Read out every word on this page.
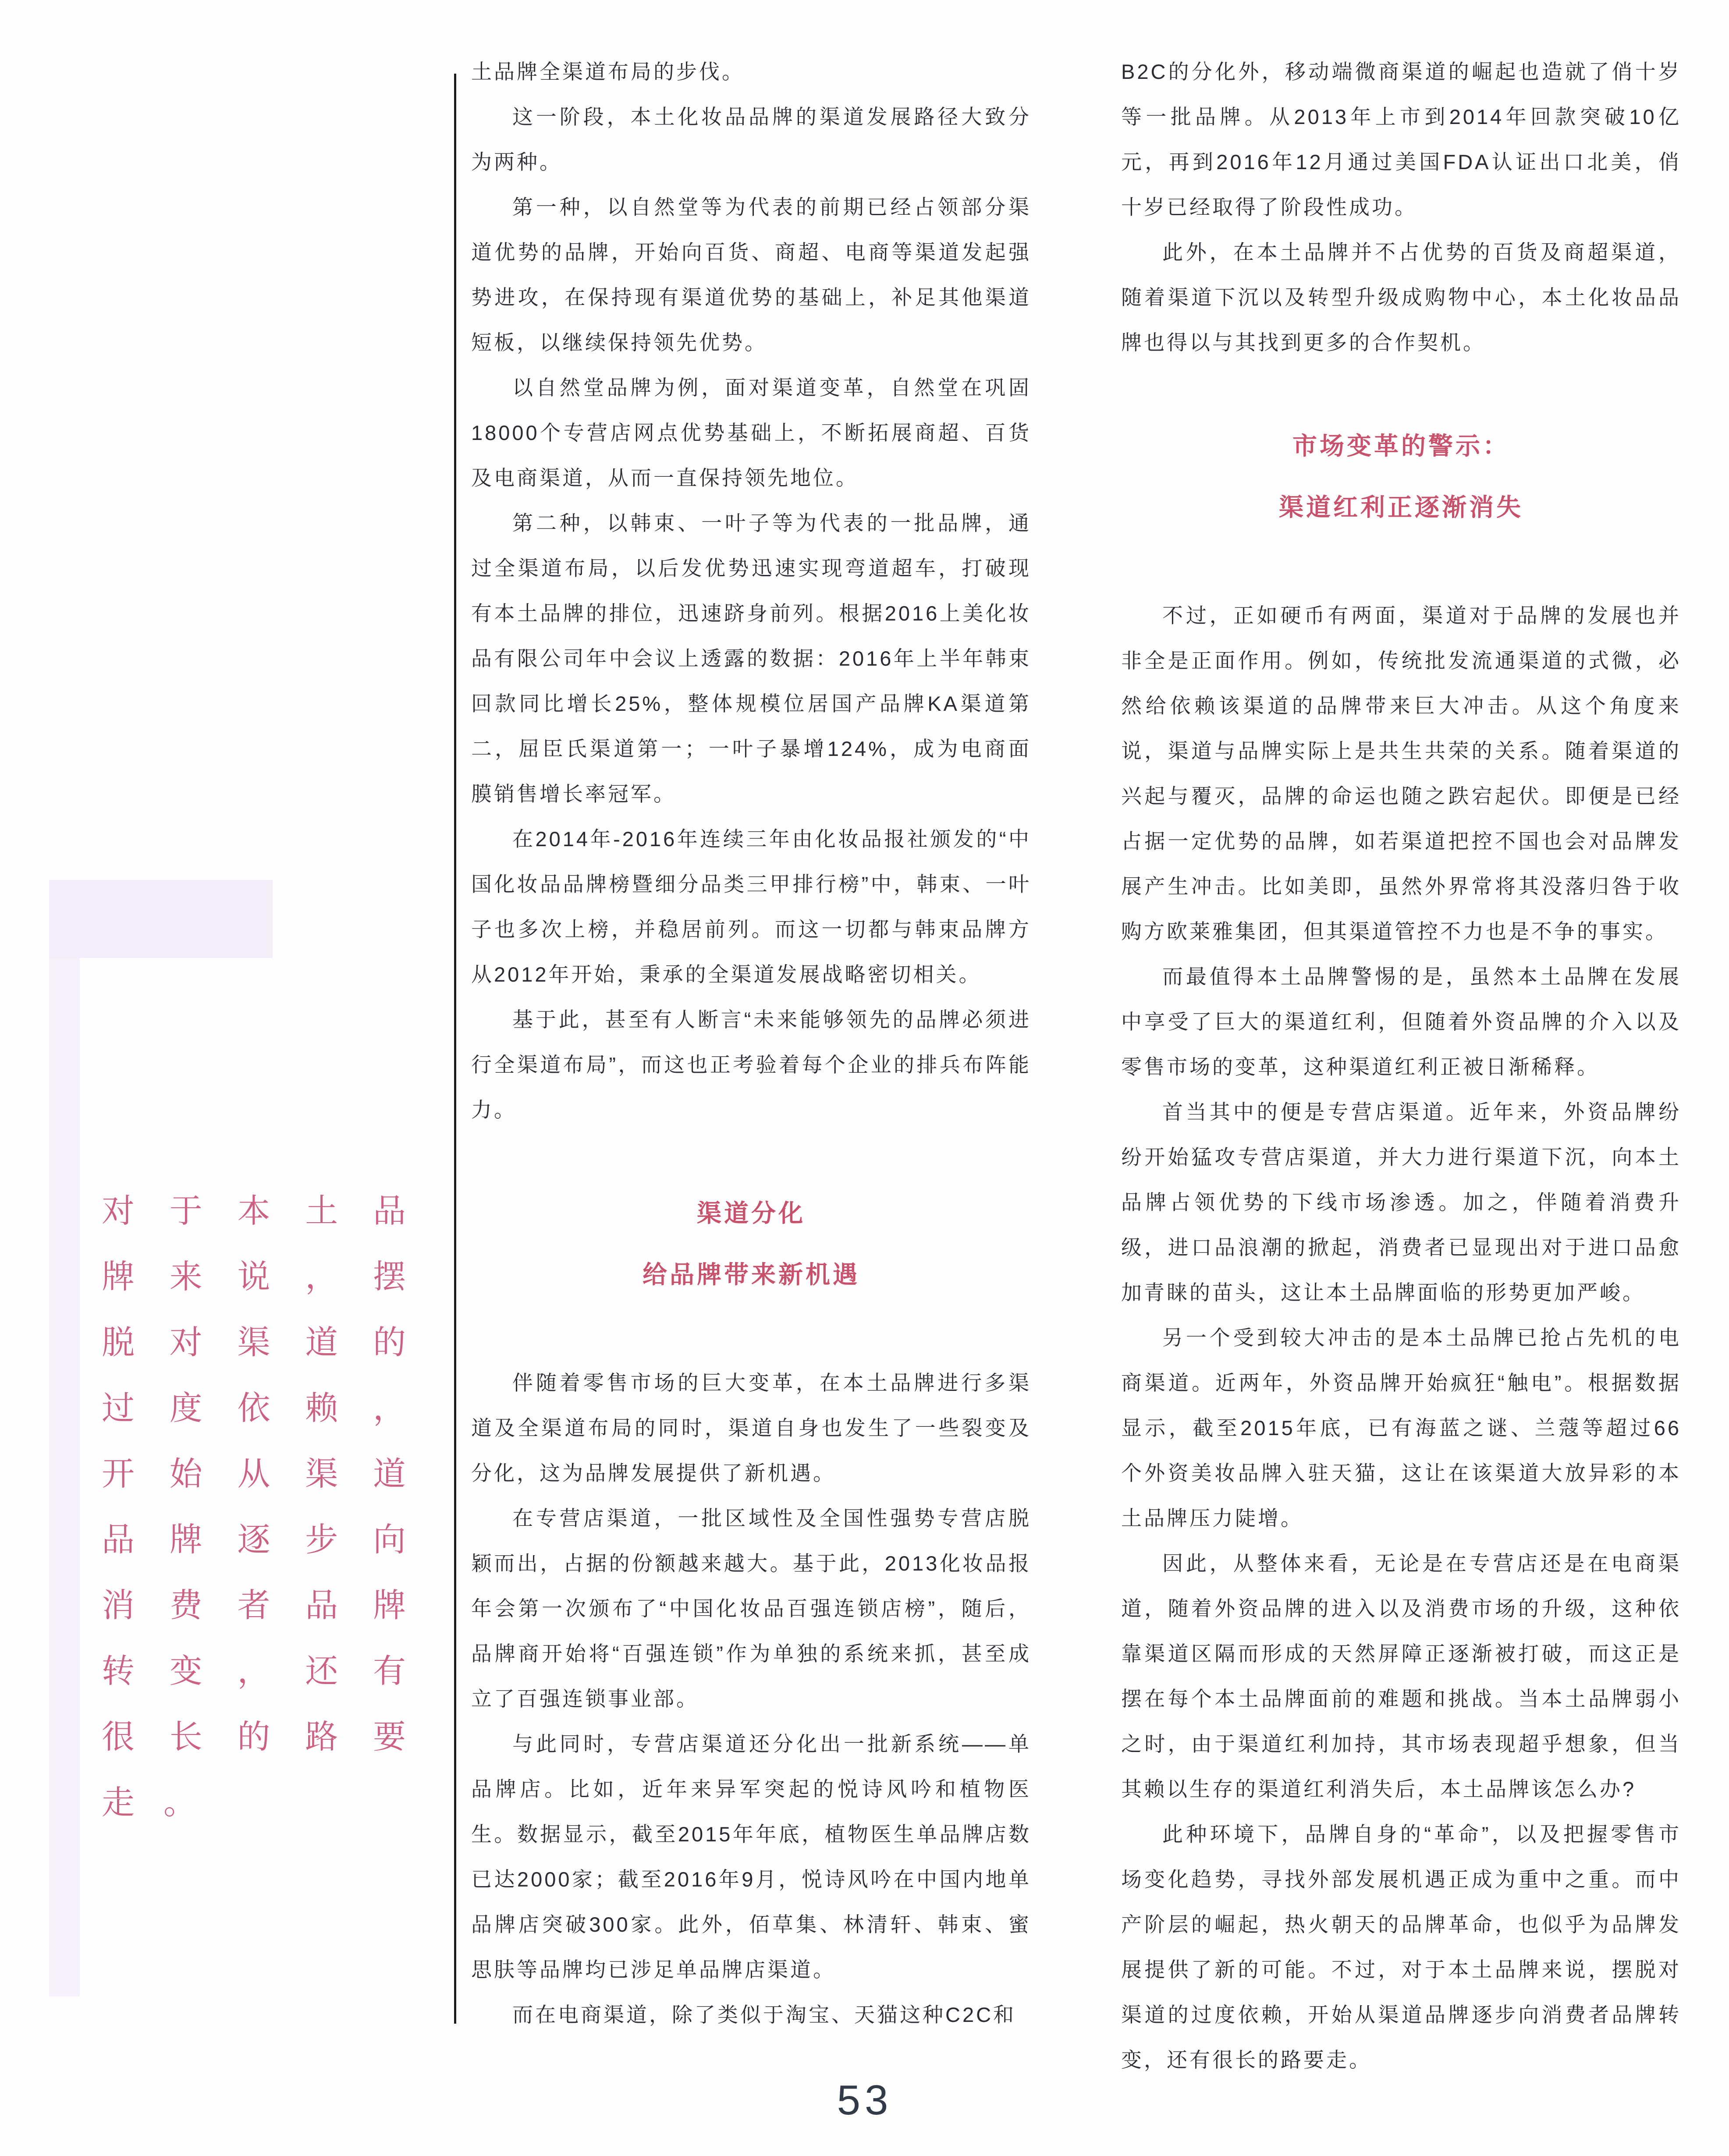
对于本土品牌来说，摆脱对渠道的过度依赖，开始从渠道品牌逐步向消费者品牌转变，还有很长的路要走。

土品牌全渠道布局的步伐。

这一阶段，本土化妆品品牌的渠道发展路径大致分为两种。

第一种，以自然堂等为代表的前期已经占领部分渠道优势的品牌，开始向百货、商超、电商等渠道发起强势进攻，在保持现有渠道优势的基础上，补足其他渠道短板，以继续保持领先优势。

以自然堂品牌为例，面对渠道变革，自然堂在巩固18000个专营店网点优势基础上，不断拓展商超、百货及电商渠道，从而一直保持领先地位。

第二种，以韩束、一叶子等为代表的一批品牌，通过全渠道布局，以后发优势迅速实现弯道超车，打破现有本土品牌的排位，迅速跻身前列。根据2016上美化妆品有限公司年中会议上透露的数据：2016年上半年韩束回款同比增长25%，整体规模位居国产品牌KA渠道第二，屈臣氏渠道第一；一叶子暴增124%，成为电商面膜销售增长率冠军。

在2014年-2016年连续三年由化妆品报社颁发的“中国化妆品品牌榜暨细分品类三甲排行榜”中，韩束、一叶子也多次上榜，并稳居前列。而这一切都与韩束品牌方从2012年开始，秉承的全渠道发展战略密切相关。

基于此，甚至有人断言“未来能够领先的品牌必须进行全渠道布局”，而这也正考验着每个企业的排兵布阵能力。

渠道分化
给品牌带来新机遇

伴随着零售市场的巨大变革，在本土品牌进行多渠道及全渠道布局的同时，渠道自身也发生了一些裂变及分化，这为品牌发展提供了新机遇。

在专营店渠道，一批区域性及全国性强势专营店脱颖而出，占据的份额越来越大。基于此，2013化妆品报年会第一次颁布了“中国化妆品百强连锁店榜”，随后，品牌商开始将“百强连锁”作为单独的系统来抓，甚至成立了百强连锁事业部。

与此同时，专营店渠道还分化出一批新系统——单品牌店。比如，近年来异军突起的悦诗风吟和植物医生。数据显示，截至2015年年底，植物医生单品牌店数已达2000家；截至2016年9月，悦诗风吟在中国内地单品牌店突破300家。此外，佰草集、林清轩、韩束、蜜思肤等品牌均已涉足单品牌店渠道。

而在电商渠道，除了类似于淘宝、天猫这种C2C和

B2C的分化外，移动端微商渠道的崛起也造就了俏十岁等一批品牌。从2013年上市到2014年回款突破10亿元，再到2016年12月通过美国FDA认证出口北美，俏十岁已经取得了阶段性成功。

此外，在本土品牌并不占优势的百货及商超渠道，随着渠道下沉以及转型升级成购物中心，本土化妆品品牌也得以与其找到更多的合作契机。

市场变革的警示：
渠道红利正逐渐消失

不过，正如硬币有两面，渠道对于品牌的发展也并非全是正面作用。例如，传统批发流通渠道的式微，必然给依赖该渠道的品牌带来巨大冲击。从这个角度来说，渠道与品牌实际上是共生共荣的关系。随着渠道的兴起与覆灭，品牌的命运也随之跌宕起伏。即便是已经占据一定优势的品牌，如若渠道把控不国也会对品牌发展产生冲击。比如美即，虽然外界常将其没落归咎于收购方欧莱雅集团，但其渠道管控不力也是不争的事实。

而最值得本土品牌警惕的是，虽然本土品牌在发展中享受了巨大的渠道红利，但随着外资品牌的介入以及零售市场的变革，这种渠道红利正被日渐稀释。

首当其中的便是专营店渠道。近年来，外资品牌纷纷开始猛攻专营店渠道，并大力进行渠道下沉，向本土品牌占领优势的下线市场渗透。加之，伴随着消费升级，进口品浪潮的掀起，消费者已显现出对于进口品愈加青睐的苗头，这让本土品牌面临的形势更加严峻。

另一个受到较大冲击的是本土品牌已抢占先机的电商渠道。近两年，外资品牌开始疯狂“触电”。根据数据显示，截至2015年底，已有海蓝之谜、兰蔻等超过66个外资美妆品牌入驻天猫，这让在该渠道大放异彩的本土品牌压力陡增。

因此，从整体来看，无论是在专营店还是在电商渠道，随着外资品牌的进入以及消费市场的升级，这种依靠渠道区隔而形成的天然屏障正逐渐被打破，而这正是摆在每个本土品牌面前的难题和挑战。当本土品牌弱小之时，由于渠道红利加持，其市场表现超乎想象，但当其赖以生存的渠道红利消失后，本土品牌该怎么办?

此种环境下，品牌自身的“革命”，以及把握零售市场变化趋势，寻找外部发展机遇正成为重中之重。而中产阶层的崛起，热火朝天的品牌革命，也似乎为品牌发展提供了新的可能。不过，对于本土品牌来说，摆脱对渠道的过度依赖，开始从渠道品牌逐步向消费者品牌转变，还有很长的路要走。

53
